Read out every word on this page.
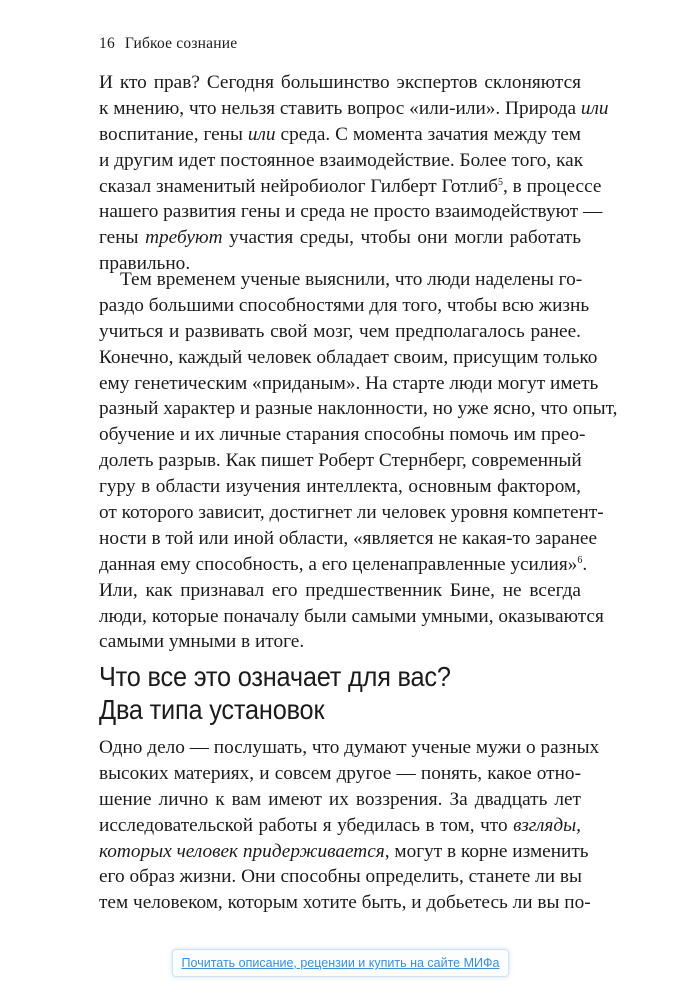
16 Гибкое сознание
И кто прав? Сегодня большинство экспертов склоняются
к мнению, что нельзя ставить вопрос «или-или». Природа или
воспитание, гены или среда. С момента зачатия между тем
и другим идет постоянное взаимодействие. Более того, как
сказал знаменитый нейробиолог Гилберт Готлиб$^5$, в процессе
нашего развития гены и среда не просто взаимодействуют —
гены требуют участия среды, чтобы они могли работать
правильно.
Тем временем ученые выяснили, что люди наделены го-
раздо большими способностями для того, чтобы всю жизнь
учиться и развивать свой мозг, чем предполагалось ранее.
Конечно, каждый человек обладает своим, присущим только
ему генетическим «приданым». На старте люди могут иметь
разный характер и разные наклонности, но уже ясно, что опыт,
обучение и их личные старания способны помочь им прео-
долеть разрыв. Как пишет Роберт Стернберг, современный
гуру в области изучения интеллекта, основным фактором,
от которого зависит, достигнет ли человек уровня компетент-
ности в той или иной области, «является не какая-то заранее
данная ему способность, а его целенаправленные усилия»$^6$.
Или, как признавал его предшественник Бине, не всегда
люди, которые поначалу были самыми умными, оказываются
самыми умными в итоге.
Что все это означает для вас?
Два типа установок
Одно дело — послушать, что думают ученые мужи о разных
высоких материях, и совсем другое — понять, какое отно-
шение лично к вам имеют их воззрения. За двадцать лет
исследовательской работы я убедилась в том, что взгляды,
которых человек придерживается, могут в корне изменить
его образ жизни. Они способны определить, станете ли вы
тем человеком, которым хотите быть, и добьетесь ли вы по-
Почитать описание, рецензии и купить на сайте МИФа
